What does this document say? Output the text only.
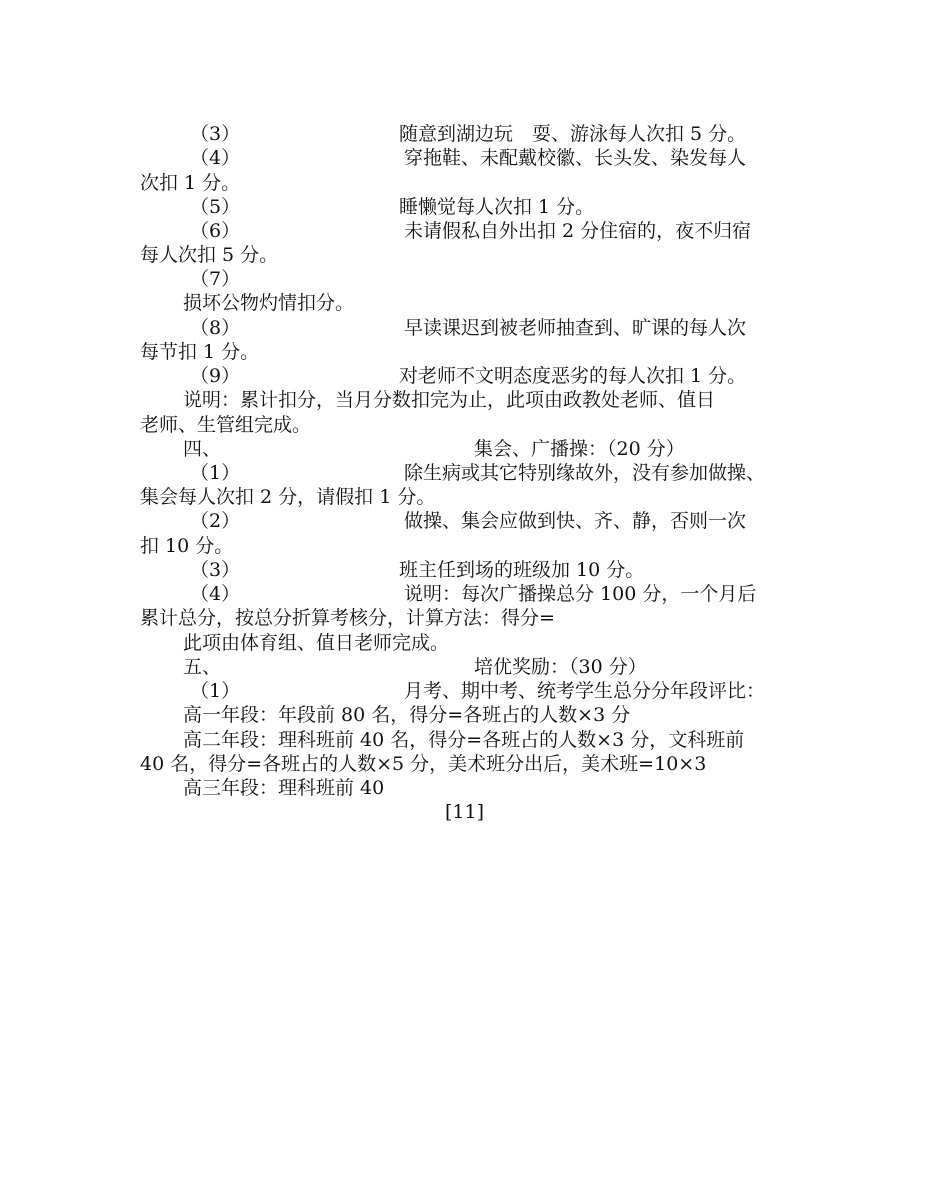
（3）	随意到湖边玩　耍、游泳每人次扣 5 分。
（4）	穿拖鞋、未配戴校徽、长头发、染发每人
次扣 1 分。
（5）	睡懒觉每人次扣 1 分。
（6）	未请假私自外出扣 2 分住宿的，夜不归宿
每人次扣 5 分。
（7）
损坏公物灼情扣分。
（8）	早读课迟到被老师抽查到、旷课的每人次
每节扣 1 分。
（9）	对老师不文明态度恶劣的每人次扣 1 分。
说明：累计扣分，当月分数扣完为止，此项由政教处老师、值日
老师、生管组完成。
四、	集会、广播操：（20 分）
（1）	除生病或其它特别缘故外，没有参加做操、
集会每人次扣 2 分，请假扣 1 分。
（2）	做操、集会应做到快、齐、静，否则一次
扣 10 分。
（3）	班主任到场的班级加 10 分。
（4）	说明：每次广播操总分 100 分，一个月后
累计总分，按总分折算考核分，计算方法：得分=
此项由体育组、值日老师完成。
五、	培优奖励：（30 分）
（1）	月考、期中考、统考学生总分分年段评比：
高一年段：年段前 80 名，得分=各班占的人数×3 分
高二年段：理科班前 40 名，得分=各班占的人数×3 分，文科班前
40 名，得分=各班占的人数×5 分，美术班分出后，美术班=10×3
高三年段：理科班前 40
[11]
